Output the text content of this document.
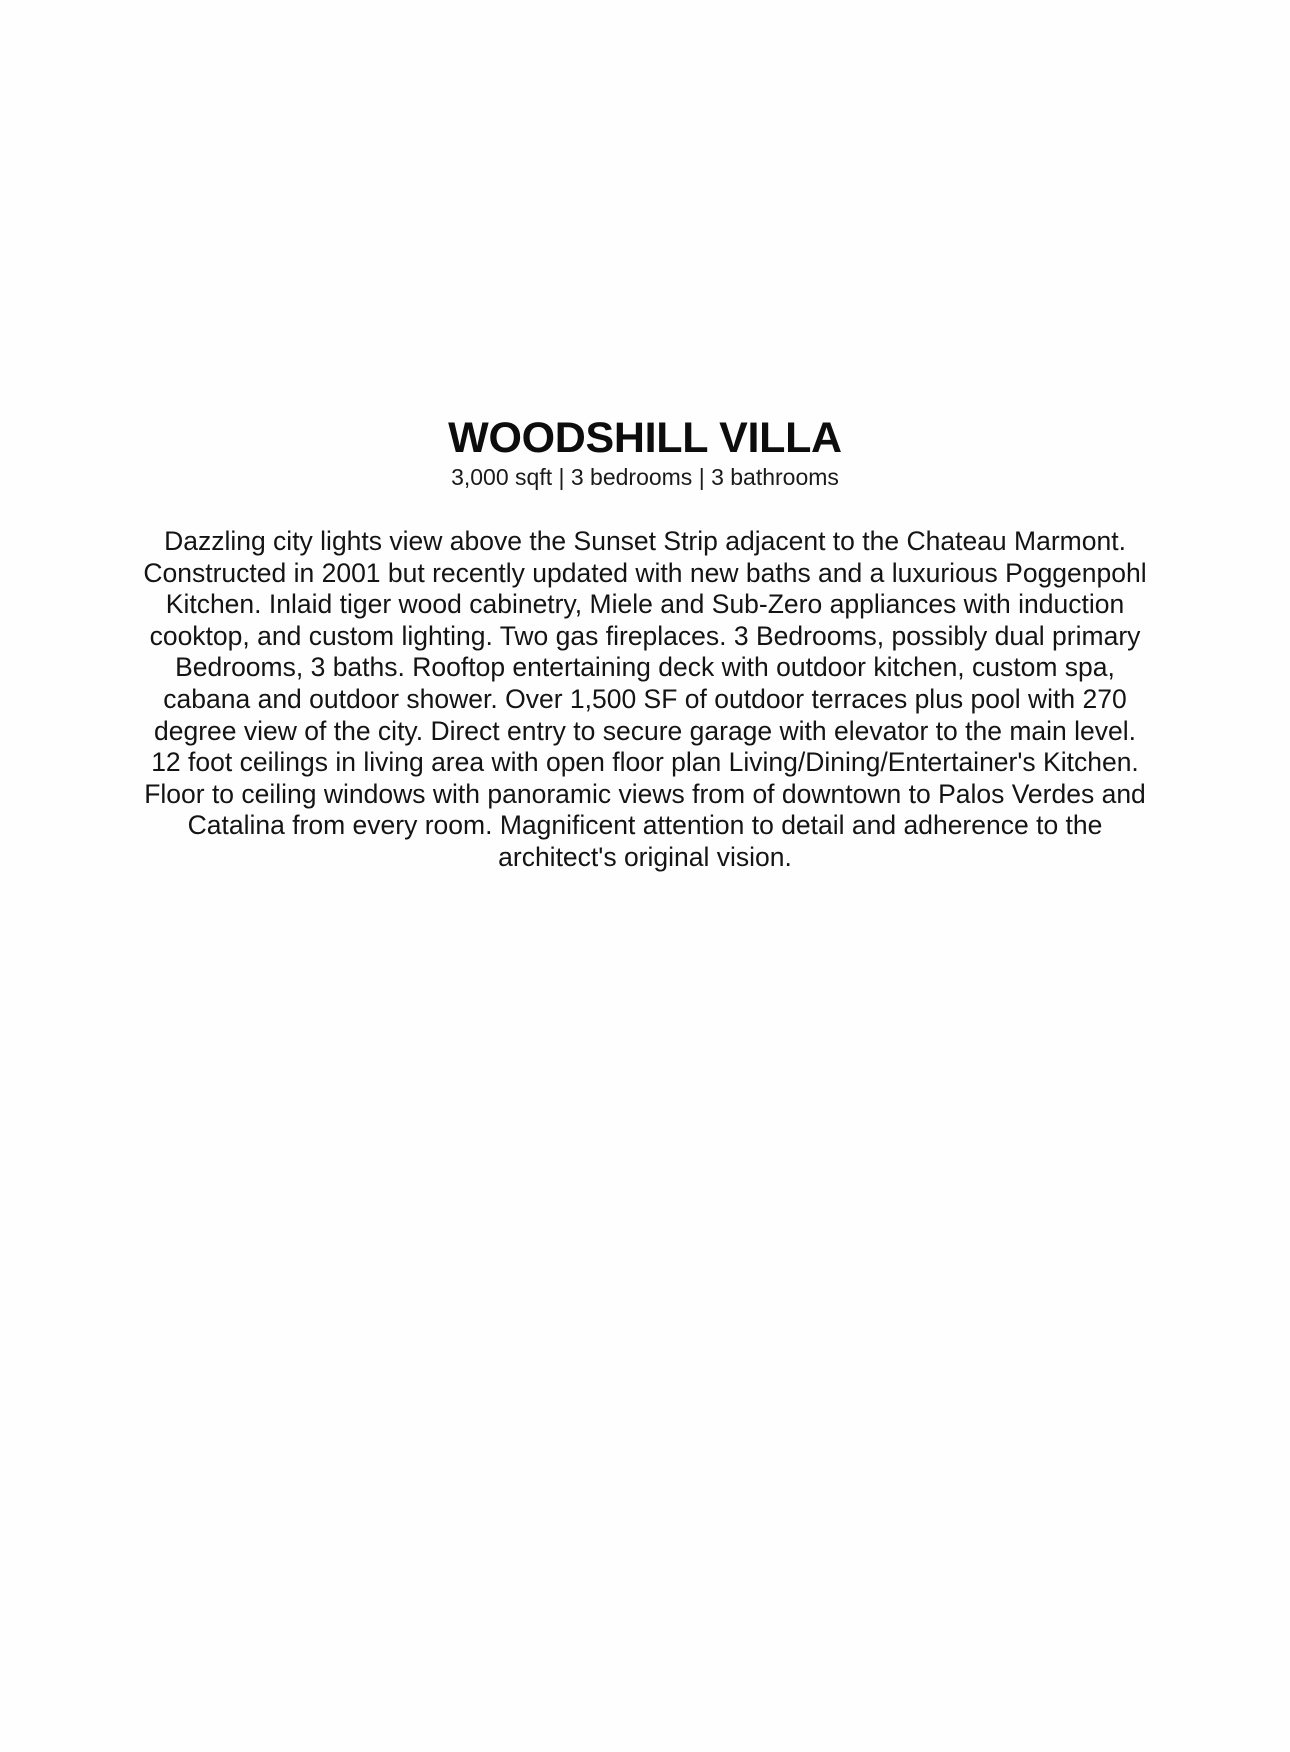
WOODSHILL VILLA

3,000 sqft | 3 bedrooms | 3 bathrooms

Dazzling city lights view above the Sunset Strip adjacent to the Chateau Marmont. Constructed in 2001 but recently updated with new baths and a luxurious Poggenpohl Kitchen. Inlaid tiger wood cabinetry, Miele and Sub-Zero appliances with induction cooktop, and custom lighting. Two gas fireplaces. 3 Bedrooms, possibly dual primary Bedrooms, 3 baths. Rooftop entertaining deck with outdoor kitchen, custom spa, cabana and outdoor shower. Over 1,500 SF of outdoor terraces plus pool with 270 degree view of the city. Direct entry to secure garage with elevator to the main level. 12 foot ceilings in living area with open floor plan Living/Dining/Entertainer's Kitchen. Floor to ceiling windows with panoramic views from of downtown to Palos Verdes and Catalina from every room. Magnificent attention to detail and adherence to the architect's original vision.
